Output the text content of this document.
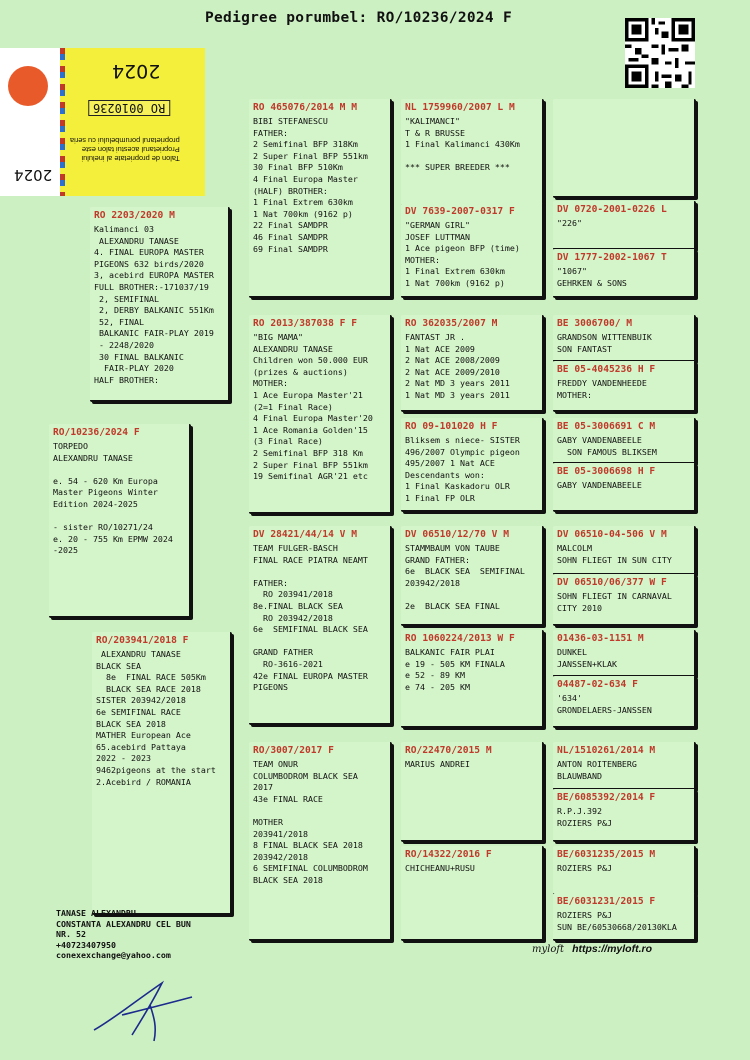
Pedigree porumbel: RO/10236/2024 F
2024
2024
RO 0010236
Talon de proprietate al inelului
Proprietarul acestui talon este
proprietarul porumbelului cu seria
RO/10236/2024 F
TORPEDO
ALEXANDRU TANASE

e. 54 - 620 Km Europa
Master Pigeons Winter
Edition 2024-2025

- sister RO/10271/24
e. 20 - 755 Km EPMW 2024
-2025
RO 2203/2020 M
Kalimanci 03
ALEXANDRU TANASE
4. FINAL EUROPA MASTER
PIGEONS 632 birds/2020
3, acebird EUROPA MASTER
FULL BROTHER:-171037/19
2, SEMIFINAL
2, DERBY BALKANIC 551Km
52, FINAL
BALKANIC FAIR-PLAY 2019
- 2248/2020
30 FINAL BALKANIC
FAIR-PLAY 2020
HALF BROTHER:
RO/203941/2018 F
ALEXANDRU TANASE
BLACK SEA
8e  FINAL RACE 505Km
BLACK SEA RACE 2018
SISTER 203942/2018
6e SEMIFINAL RACE
BLACK SEA 2018
MATHER European Ace
65.acebird Pattaya
2022 - 2023
9462pigeons at the start
2.Acebird / ROMANIA
RO 465076/2014 M M
BIBI STEFANESCU
FATHER:
2 Semifinal BFP 318Km
2 Super Final BFP 551km
30 Final BFP 510Km
4 Final Europa Master
(HALF) BROTHER:
1 Final Extrem 630km
1 Nat 700km (9162 p)
22 Final SAMDPR
46 Final SAMDPR
69 Final SAMDPR
RO 2013/387038 F F
"BIG MAMA"
ALEXANDRU TANASE
Children won 50.000 EUR
(prizes & auctions)
MOTHER:
1 Ace Europa Master'21
(2=1 Final Race)
4 Final Europa Master'20
1 Ace Romania Golden'15
(3 Final Race)
2 Semifinal BFP 318 Km
2 Super Final BFP 551km
19 Semifinal AGR'21 etc
DV 28421/44/14 V M
TEAM FULGER-BASCH
FINAL RACE PIATRA NEAMT

FATHER:
RO 203941/2018
8e.FINAL BLACK SEA
RO 203942/2018
6e  SEMIFINAL BLACK SEA

GRAND FATHER
RO-3616-2021
42e FINAL EUROPA MASTER
PIGEONS
RO/3007/2017 F
TEAM ONUR
COLUMBODROM BLACK SEA
2017
43e FINAL RACE

MOTHER
203941/2018
8 FINAL BLACK SEA 2018
203942/2018
6 SEMIFINAL COLUMBODROM
BLACK SEA 2018
NL 1759960/2007 L M
"KALIMANCI"
T & R BRUSSE
1 Final Kalimanci 430Km

*** SUPER BREEDER ***
DV 7639-2007-0317 F
"GERMAN GIRL"
JOSEF LUTTMAN
1 Ace pigeon BFP (time)
MOTHER:
1 Final Extrem 630km
1 Nat 700km (9162 p)
RO 362035/2007 M
FANTAST JR .
1 Nat ACE 2009
2 Nat ACE 2008/2009
2 Nat ACE 2009/2010
2 Nat MD 3 years 2011
1 Nat MD 3 years 2011
RO 09-101020 H F
Bliksem s niece- SISTER
496/2007 Olympic pigeon
495/2007 1 Nat ACE
Descendants won:
1 Final Kaskadoru OLR
1 Final FP OLR
DV 06510/12/70 V M
STAMMBAUM VON TAUBE
GRAND FATHER:
6e  BLACK SEA  SEMIFINAL
203942/2018

2e  BLACK SEA FINAL
RO 1060224/2013 W F
BALKANIC FAIR PLAI
e 19 - 505 KM FINALA
e 52 - 89 KM
e 74 - 205 KM
RO/22470/2015 M
MARIUS ANDREI
RO/14322/2016 F
CHICHEANU+RUSU
DV 0720-2001-0226 L
"226"
DV 1777-2002-1067 T
"1067"
GEHRKEN & SONS
BE 3006700/ M
GRANDSON WITTENBUIK
SON FANTAST
BE 05-4045236 H F
FREDDY VANDENHEEDE
MOTHER:
BE 05-3006691 C M
GABY VANDENABEELE
SON FAMOUS BLIKSEM
BE 05-3006698 H F
GABY VANDENABEELE
DV 06510-04-506 V M
MALCOLM
SOHN FLIEGT IN SUN CITY
DV 06510/06/377 W F
SOHN FLIEGT IN CARNAVAL
CITY 2010
01436-03-1151 M
DUNKEL
JANSSEN+KLAK
04487-02-634 F
'634'
GRONDELAERS-JANSSEN
NL/1510261/2014 M
ANTON ROITENBERG
BLAUWBAND
BE/6085392/2014 F
R.P.J.392
ROZIERS P&J
BE/6031235/2015 M
ROZIERS P&J
BE/6031231/2015 F
ROZIERS P&J
SUN BE/60530668/20130KLA
TANASE ALEXANDRU
CONSTANTA ALEXANDRU CEL BUN
NR. 52
+40723407950
conexexchange@yahoo.com
myloft https://myloft.ro
